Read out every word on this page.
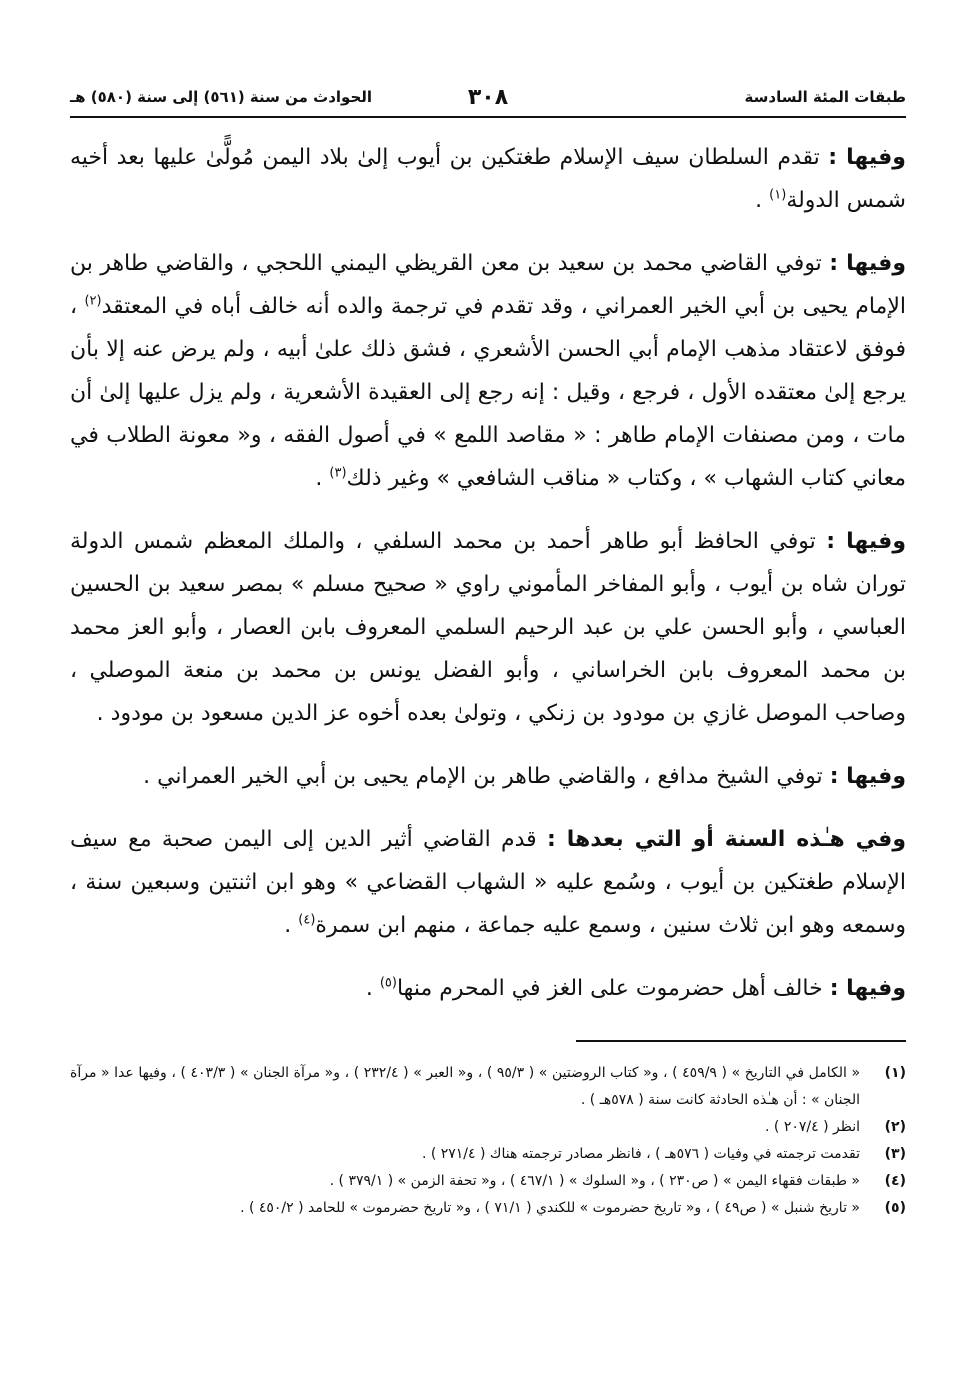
طبقات المئة السادسة
٣٠٨
الحوادث من سنة (٥٦١) إلى سنة (٥٨٠) هـ

وفيها : تقدم السلطان سيف الإسلام طغتكين بن أيوب إلىٰ بلاد اليمن مُولًّىٰ عليها بعد أخيه شمس الدولة$^{(١)}$ .

وفيها : توفي القاضي محمد بن سعيد بن معن القريظي اليمني اللحجي ، والقاضي طاهر بن الإمام يحيى بن أبي الخير العمراني ، وقد تقدم في ترجمة والده أنه خالف أباه في المعتقد$^{(٢)}$ ، فوفق لاعتقاد مذهب الإمام أبي الحسن الأشعري ، فشق ذلك علىٰ أبيه ، ولم يرض عنه إلا بأن يرجع إلىٰ معتقده الأول ، فرجع ، وقيل : إنه رجع إلى العقيدة الأشعرية ، ولم يزل عليها إلىٰ أن مات ، ومن مصنفات الإمام طاهر : « مقاصد اللمع » في أصول الفقه ، و« معونة الطلاب في معاني كتاب الشهاب » ، وكتاب « مناقب الشافعي » وغير ذلك$^{(٣)}$ .

وفيها : توفي الحافظ أبو طاهر أحمد بن محمد السلفي ، والملك المعظم شمس الدولة توران شاه بن أيوب ، وأبو المفاخر المأموني راوي « صحيح مسلم » بمصر سعيد بن الحسين العباسي ، وأبو الحسن علي بن عبد الرحيم السلمي المعروف بابن العصار ، وأبو العز محمد بن محمد المعروف بابن الخراساني ، وأبو الفضل يونس بن محمد بن منعة الموصلي ، وصاحب الموصل غازي بن مودود بن زنكي ، وتولىٰ بعده أخوه عز الدين مسعود بن مودود .

وفيها : توفي الشيخ مدافع ، والقاضي طاهر بن الإمام يحيى بن أبي الخير العمراني .

وفي هـٰذه السنة أو التي بعدها : قدم القاضي أثير الدين إلى اليمن صحبة مع سيف الإسلام طغتكين بن أيوب ، وسُمع عليه « الشهاب القضاعي » وهو ابن اثنتين وسبعين سنة ، وسمعه وهو ابن ثلاث سنين ، وسمع عليه جماعة ، منهم ابن سمرة$^{(٤)}$ .

وفيها : خالف أهل حضرموت على الغز في المحرم منها$^{(٥)}$ .

(١)
« الكامل في التاريخ » ( ٤٥٩/٩ ) ، و« كتاب الروضتين » ( ٩٥/٣ ) ، و« العبر » ( ٢٣٢/٤ ) ، و« مرآة الجنان » ( ٤٠٣/٣ ) ، وفيها عدا « مرآة الجنان » : أن هـٰذه الحادثة كانت سنة ( ٥٧٨هـ ) .
(٢)
انظر ( ٢٠٧/٤ ) .
(٣)
تقدمت ترجمته في وفيات ( ٥٧٦هـ ) ، فانظر مصادر ترجمته هناك ( ٢٧١/٤ ) .
(٤)
« طبقات فقهاء اليمن » ( ص٢٣٠ ) ، و« السلوك » ( ٤٦٧/١ ) ، و« تحفة الزمن » ( ٣٧٩/١ ) .
(٥)
« تاريخ شنبل » ( ص٤٩ ) ، و« تاريخ حضرموت » للكندي ( ٧١/١ ) ، و« تاريخ حضرموت » للحامد ( ٤٥٠/٢ ) .
